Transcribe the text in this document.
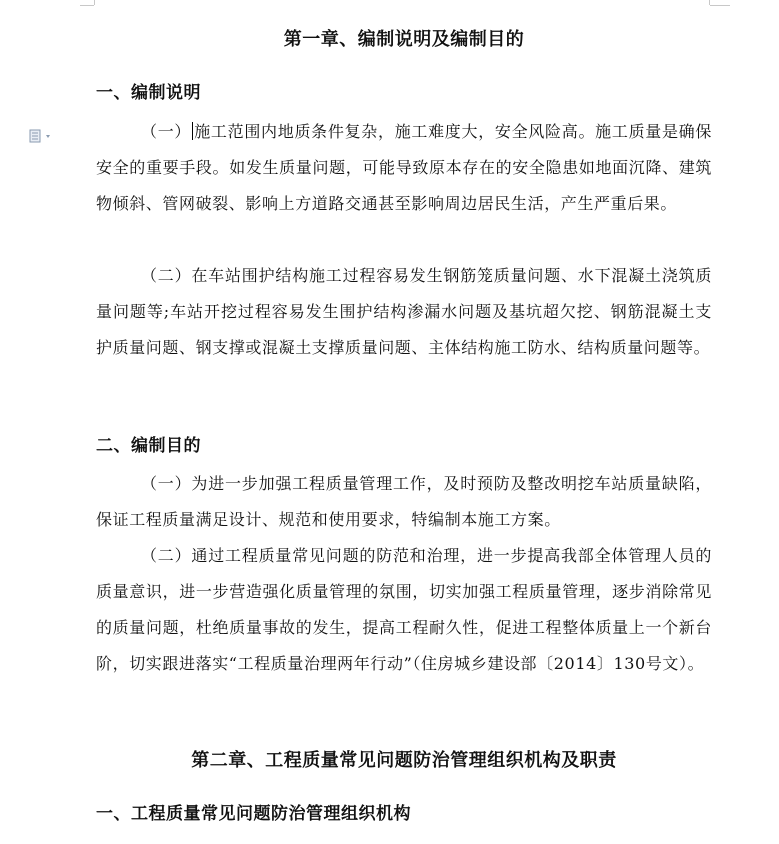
第一章、编制说明及编制目的
一、编制说明
（一） 施工范围内地质条件复杂，施工难度大，安全风险高。施工质量是确保安全的重要手段。如发生质量问题，可能导致原本存在的安全隐患如地面沉降、建筑物倾斜、管网破裂、影响上方道路交通甚至影响周边居民生活，产生严重后果。
（二）在车站围护结构施工过程容易发生钢筋笼质量问题、水下混凝土浇筑质量问题等;车站开挖过程容易发生围护结构渗漏水问题及基坑超欠挖、钢筋混凝土支护质量问题、钢支撑或混凝土支撑质量问题、主体结构施工防水、结构质量问题等。
二、编制目的
（一）为进一步加强工程质量管理工作，及时预防及整改明挖车站质量缺陷，保证工程质量满足设计、规范和使用要求，特编制本施工方案。
（二）通过工程质量常见问题的防范和治理，进一步提高我部全体管理人员的质量意识，进一步营造强化质量管理的氛围，切实加强工程质量管理，逐步消除常见的质量问题，杜绝质量事故的发生，提高工程耐久性，促进工程整体质量上一个新台阶，切实跟进落实“工程质量治理两年行动”（住房城乡建设部〔2014〕130号文）。
第二章、工程质量常见问题防治管理组织机构及职责
一、工程质量常见问题防治管理组织机构
